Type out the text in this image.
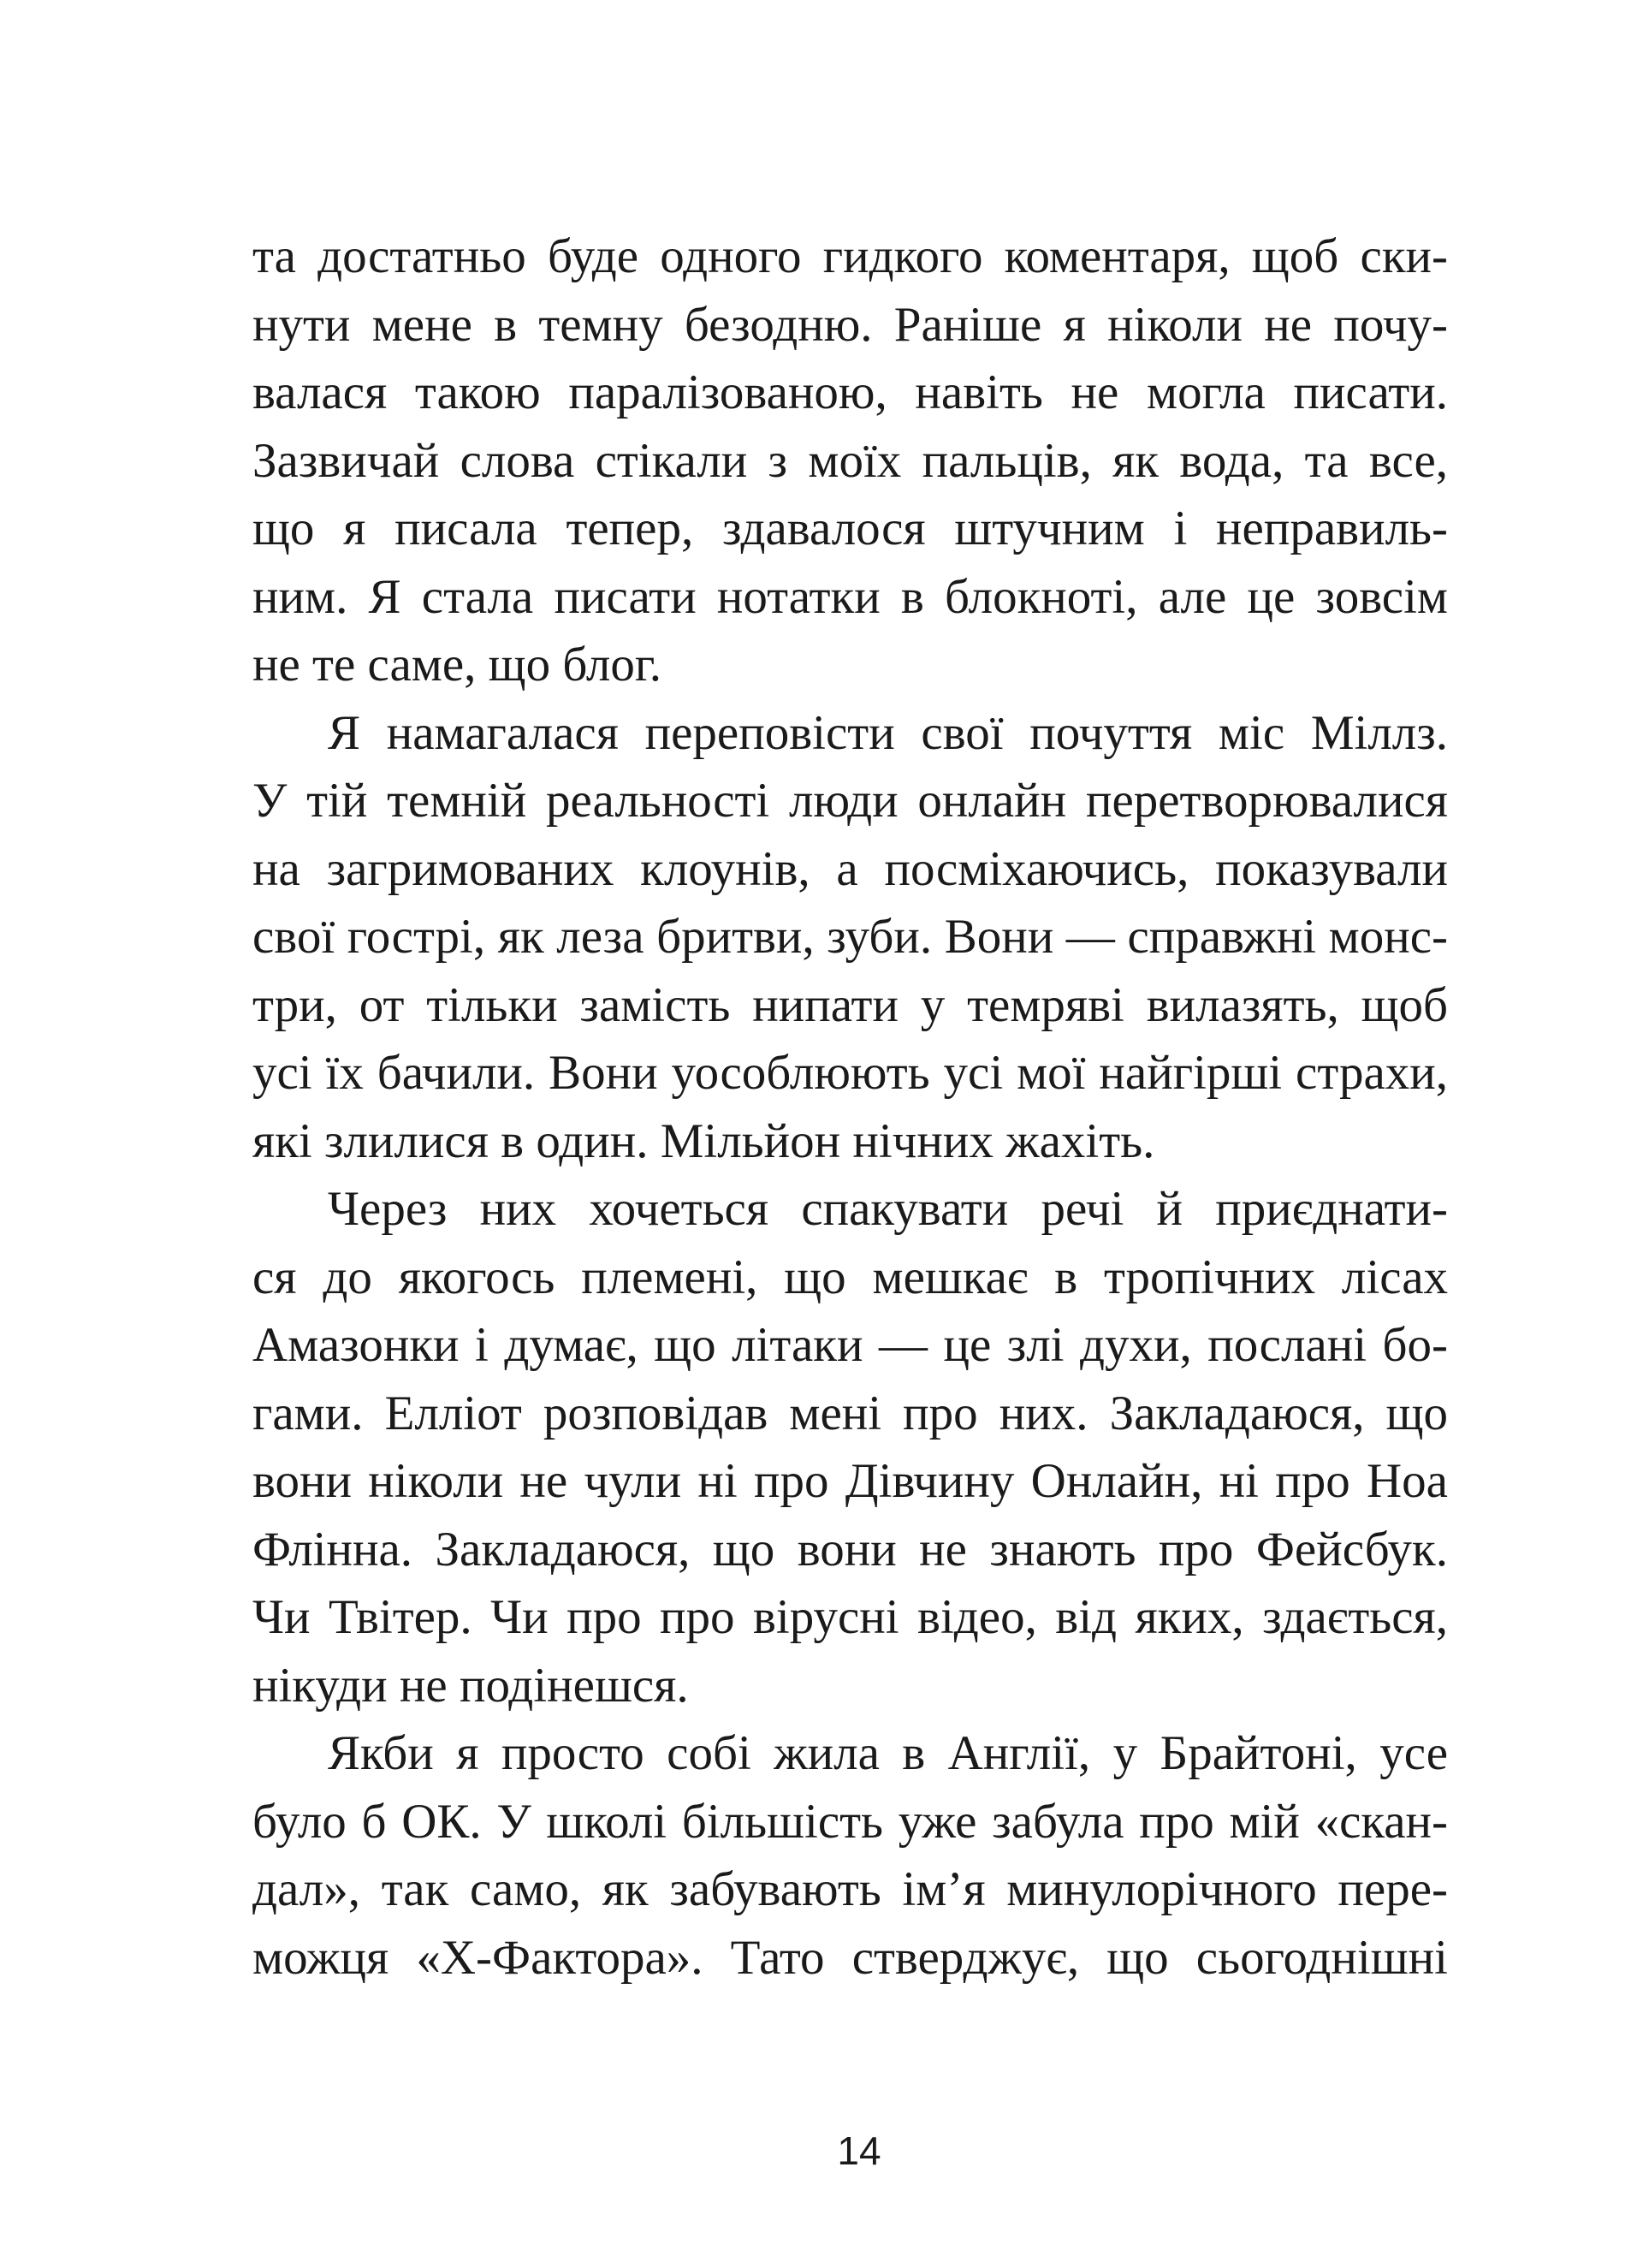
та достатньо буде одного гидкого коментаря, щоб ски-
нути мене в темну безодню. Раніше я ніколи не почу-
валася такою паралізованою, навіть не могла писати.
Зазвичай слова стікали з моїх пальців, як вода, та все,
що я писала тепер, здавалося штучним і неправиль-
ним. Я стала писати нотатки в блокноті, але це зовсім
не те саме, що блог.
Я намагалася переповісти свої почуття міс Міллз.
У тій темній реальності люди онлайн перетворювалися
на загримованих клоунів, а посміхаючись, показували
свої гострі, як леза бритви, зуби. Вони — справжні монс-
три, от тільки замість нипати у темряві вилазять, щоб
усі їх бачили. Вони уособлюють усі мої найгірші страхи,
які злилися в один. Мільйон нічних жахіть.
Через них хочеться спакувати речі й приєднати-
ся до якогось племені, що мешкає в тропічних лісах
Амазонки і думає, що літаки — це злі духи, послані бо-
гами. Елліот розповідав мені про них. Закладаюся, що
вони ніколи не чули ні про Дівчину Онлайн, ні про Ноа
Флінна. Закладаюся, що вони не знають про Фейсбук.
Чи Твітер. Чи про про вірусні відео, від яких, здається,
нікуди не подінешся.
Якби я просто собі жила в Англії, у Брайтоні, усе
було б ОК. У школі більшість уже забула про мій «скан-
дал», так само, як забувають ім’я минулорічного пере-
можця «Х-Фактора». Тато стверджує, що сьогоднішні
14
